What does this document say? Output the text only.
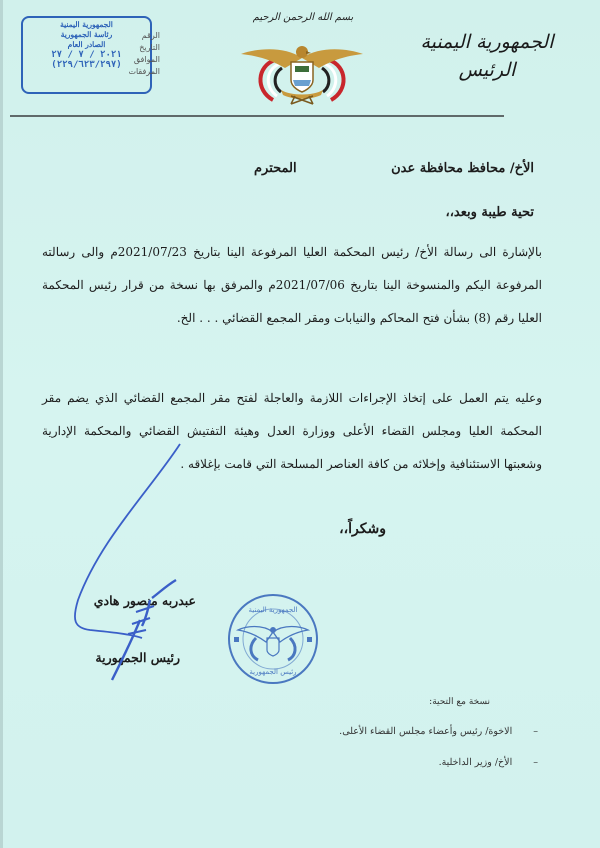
الجمهورية اليمنية
رئاسة الجمهورية
الصادر العام
٢٠٢١ / ٧ / ٢٧
(٢٢٩/٦٢٣/٢٩٧)
الرقم
التاريخ
الموافق
المرفقات
بسم الله الرحمن الرحيم
الجمهورية اليمنية
الرئيس
الأخ/ محافظ محافظة عدن
المحترم
تحية طيبة وبعد،،
بالإشارة الى رسالة الأخ/ رئيس المحكمة العليا المرفوعة الينا بتاريخ 2021/07/23م والى رسالته المرفوعة اليكم والمنسوخة الينا بتاريخ 2021/07/06م والمرفق بها نسخة من قرار رئيس المحكمة العليا رقم (8) بشأن فتح المحاكم والنيابات ومقر المجمع القضائي . . . الخ.
وعليه يتم العمل على إتخاذ الإجراءات اللازمة والعاجلة لفتح مقر المجمع القضائي الذي يضم مقر المحكمة العليا ومجلس القضاء الأعلى ووزارة العدل وهيئة التفتيش القضائي والمحكمة الإدارية وشعبتها الاستئنافية وإخلائه من كافة العناصر المسلحة التي قامت بإغلاقه .
وشكراً،،
الجمهورية اليمنية
رئيس الجمهورية
عبدربه منصور هادي
رئيس الجمهورية
نسخة مع التحية:
– الاخوة/ رئيس وأعضاء مجلس القضاء الأعلى.
– الأخ/ وزير الداخلية.
